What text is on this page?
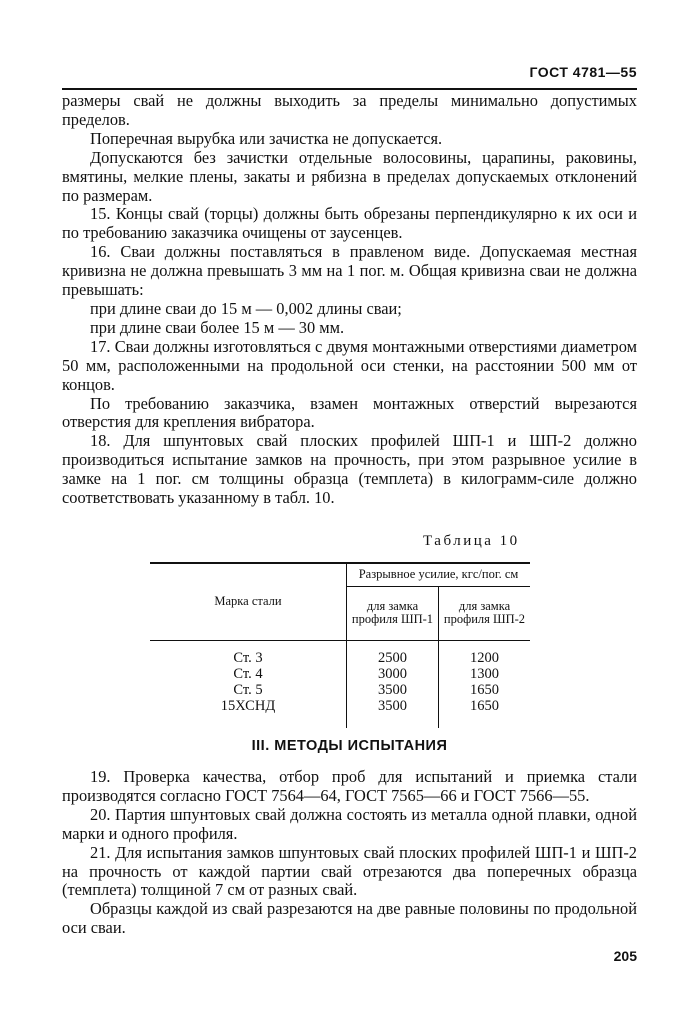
ГОСТ 4781—55

размеры свай не должны выходить за пределы минимально допустимых пределов.

Поперечная вырубка или зачистка не допускается.

Допускаются без зачистки отдельные волосовины, царапины, раковины, вмятины, мелкие плены, закаты и рябизна в пределах допускаемых отклонений по размерам.

15. Концы свай (торцы) должны быть обрезаны перпендикулярно к их оси и по требованию заказчика очищены от заусенцев.

16. Сваи должны поставляться в правленом виде. Допускаемая местная кривизна не должна превышать 3 мм на 1 пог. м. Общая кривизна сваи не должна превышать:

при длине сваи до 15 м — 0,002 длины сваи;

при длине сваи более 15 м — 30 мм.

17. Сваи должны изготовляться с двумя монтажными отверстиями диаметром 50 мм, расположенными на продольной оси стенки, на расстоянии 500 мм от концов.

По требованию заказчика, взамен монтажных отверстий вырезаются отверстия для крепления вибратора.

18. Для шпунтовых свай плоских профилей ШП-1 и ШП-2 должно производиться испытание замков на прочность, при этом разрывное усилие в замке на 1 пог. см толщины образца (темплета) в килограмм-силе должно соответствовать указанному в табл. 10.

Таблица 10
Марка стали
Разрывное усилие, кгс/пог. см
для замка профиля ШП-1
для замка профиля ШП-2
Ст. 3
Ст. 4
Ст. 5
15ХСНД
2500
3000
3500
3500
1200
1300
1650
1650
III. МЕТОДЫ ИСПЫТАНИЯ

19. Проверка качества, отбор проб для испытаний и приемка стали производятся согласно ГОСТ 7564—64, ГОСТ 7565—66 и ГОСТ 7566—55.

20. Партия шпунтовых свай должна состоять из металла одной плавки, одной марки и одного профиля.

21. Для испытания замков шпунтовых свай плоских профилей ШП-1 и ШП-2 на прочность от каждой партии свай отрезаются два поперечных образца (темплета) толщиной 7 см от разных свай.

Образцы каждой из свай разрезаются на две равные половины по продольной оси сваи.

205
